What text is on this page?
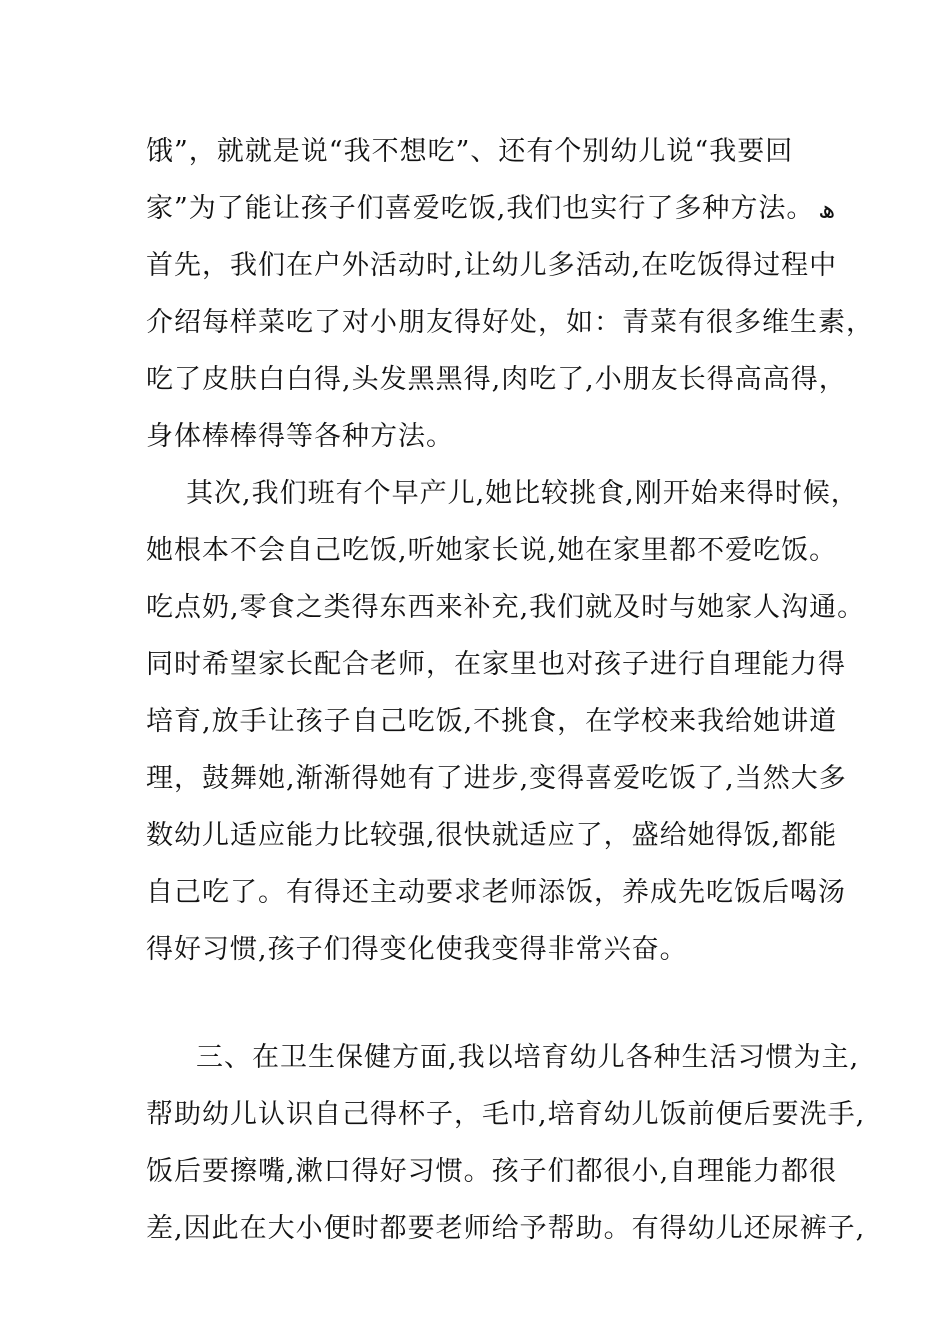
饿”，就就是说“我不想吃”、还有个别幼儿说“我要回
家”为了能让孩子们喜爱吃饭,我们也实行了多种方法。 ھ
首先，我们在户外活动时,让幼儿多活动,在吃饭得过程中
介绍每样菜吃了对小朋友得好处，如：青菜有很多维生素，
吃了皮肤白白得,头发黑黑得,肉吃了,小朋友长得高高得，
身体棒棒得等各种方法。
其次,我们班有个早产儿,她比较挑食,刚开始来得时候，
她根本不会自己吃饭,听她家长说,她在家里都不爱吃饭。
吃点奶,零食之类得东西来补充,我们就及时与她家人沟通。
同时希望家长配合老师，在家里也对孩子进行自理能力得
培育,放手让孩子自己吃饭,不挑食，在学校来我给她讲道
理，鼓舞她,渐渐得她有了进步,变得喜爱吃饭了,当然大多
数幼儿适应能力比较强,很快就适应了，盛给她得饭,都能
自己吃了。有得还主动要求老师添饭，养成先吃饭后喝汤
得好习惯,孩子们得变化使我变得非常兴奋。
三、在卫生保健方面,我以培育幼儿各种生活习惯为主,
帮助幼儿认识自己得杯子，毛巾,培育幼儿饭前便后要洗手,
饭后要擦嘴,漱口得好习惯。孩子们都很小,自理能力都很
差,因此在大小便时都要老师给予帮助。有得幼儿还尿裤子,
